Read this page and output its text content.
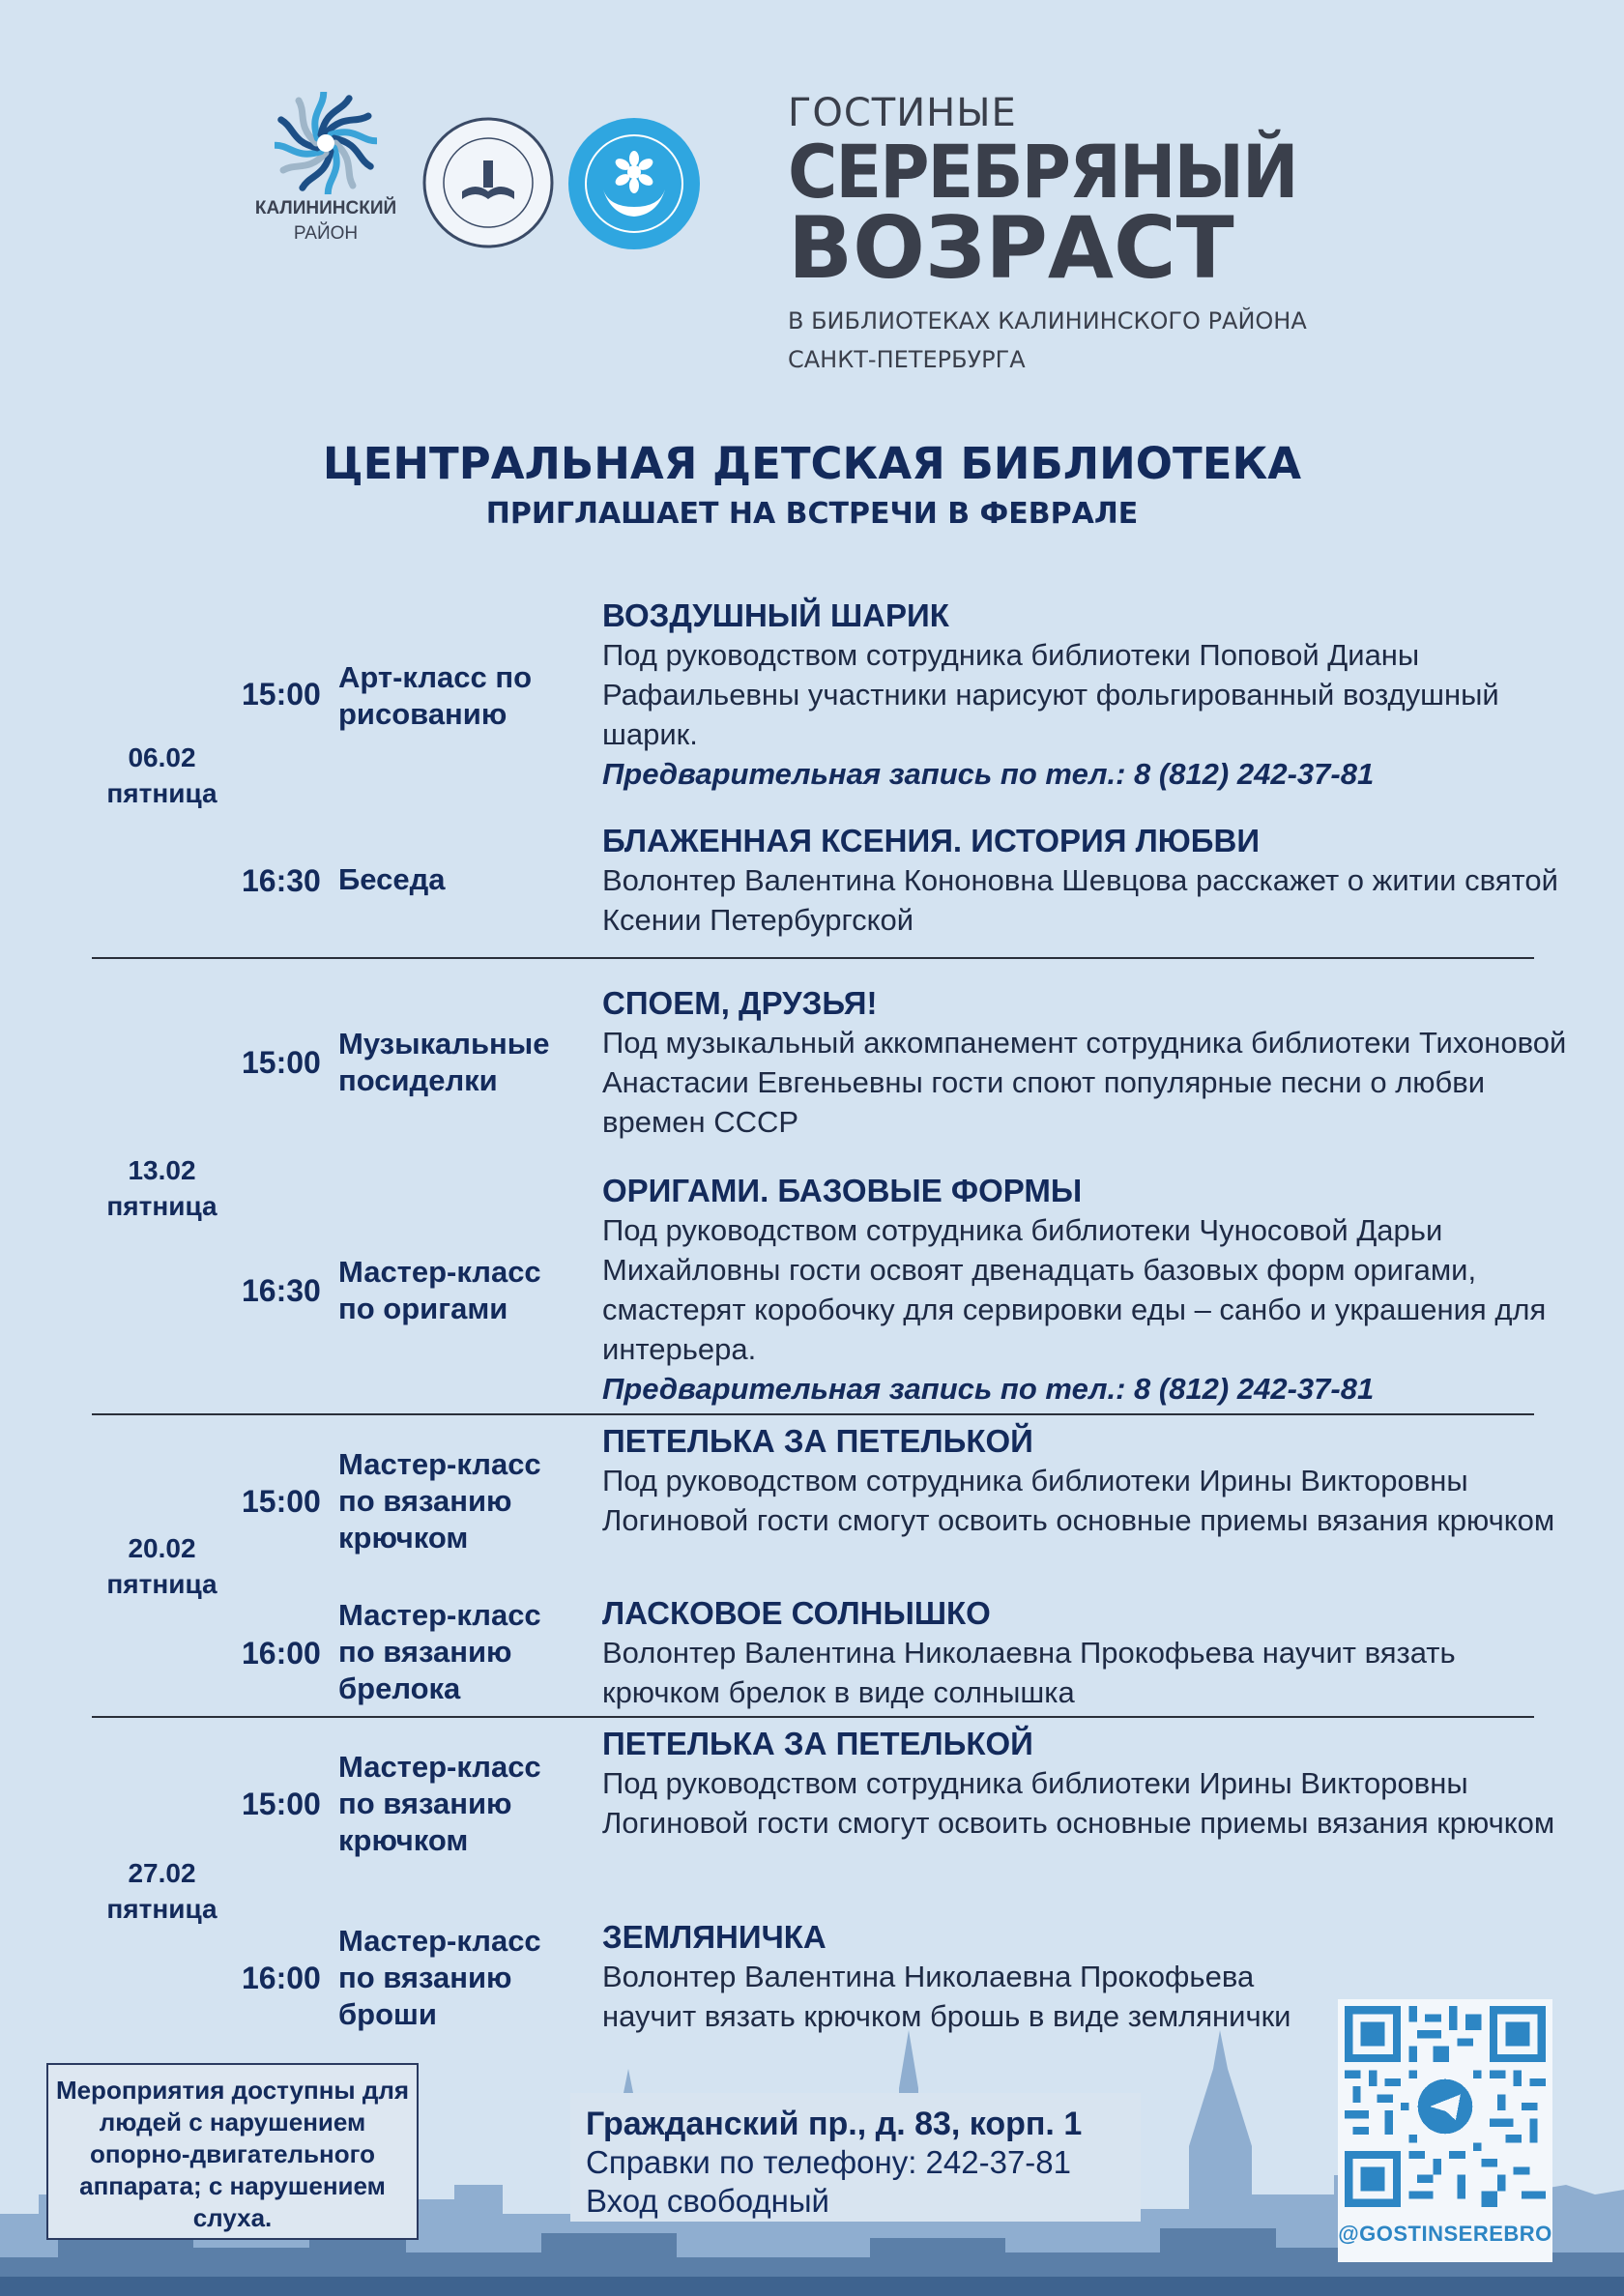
КАЛИНИНСКИЙ
РАЙОН
ГОСТИНЫЕ
СЕРЕБРЯНЫЙ
ВОЗРАСТ
В БИБЛИОТЕКАХ КАЛИНИНСКОГО РАЙОНА
САНКТ-ПЕТЕРБУРГА
ЦЕНТРАЛЬНАЯ ДЕТСКАЯ БИБЛИОТЕКА
ПРИГЛАШАЕТ НА ВСТРЕЧИ В ФЕВРАЛЕ
06.02
пятница
15:00 Арт-класс по рисованию
ВОЗДУШНЫЙ ШАРИК
Под руководством сотрудника библиотеки Поповой Дианы Рафаильевны участники нарисуют фольгированный воздушный шарик.
Предварительная запись по тел.: 8 (812) 242-37-81
16:30 Беседа
БЛАЖЕННАЯ КСЕНИЯ. ИСТОРИЯ ЛЮБВИ
Волонтер Валентина Кононовна Шевцова расскажет о житии святой Ксении Петербургской
13.02
пятница
15:00
Музыкальные посиделки
СПОЕМ, ДРУЗЬЯ!
Под музыкальный аккомпанемент сотрудника библиотеки Тихоновой Анастасии Евгеньевны гости споют популярные песни о любви времен СССР
16:30
Мастер-класс по оригами
ОРИГАМИ. БАЗОВЫЕ ФОРМЫ
Под руководством сотрудника библиотеки Чуносовой Дарьи Михайловны гости освоят двенадцать базовых форм оригами, смастерят коробочку для сервировки еды – санбо и украшения для интерьера.
Предварительная запись по тел.: 8 (812) 242-37-81
20.02
пятница
15:00
Мастер-класс по вязанию крючком
ПЕТЕЛЬКА ЗА ПЕТЕЛЬКОЙ
Под руководством сотрудника библиотеки Ирины Викторовны Логиновой гости смогут освоить основные приемы вязания крючком
16:00
Мастер-класс по вязанию брелока
ЛАСКОВОЕ СОЛНЫШКО
Волонтер Валентина Николаевна Прокофьева научит вязать крючком брелок в виде солнышка
27.02
пятница
15:00
Мастер-класс по вязанию крючком
ПЕТЕЛЬКА ЗА ПЕТЕЛЬКОЙ
Под руководством сотрудника библиотеки Ирины Викторовны Логиновой гости смогут освоить основные приемы вязания крючком
16:00
Мастер-класс по вязанию броши
ЗЕМЛЯНИЧКА
Волонтер Валентина Николаевна Прокофьева научит вязать крючком брошь в виде землянички
Мероприятия доступны для людей с нарушением опорно-двигательного аппарата; с нарушением слуха.
Гражданский пр., д. 83, корп. 1
Справки по телефону: 242-37-81
Вход свободный
@GOSTINSEREBRO
